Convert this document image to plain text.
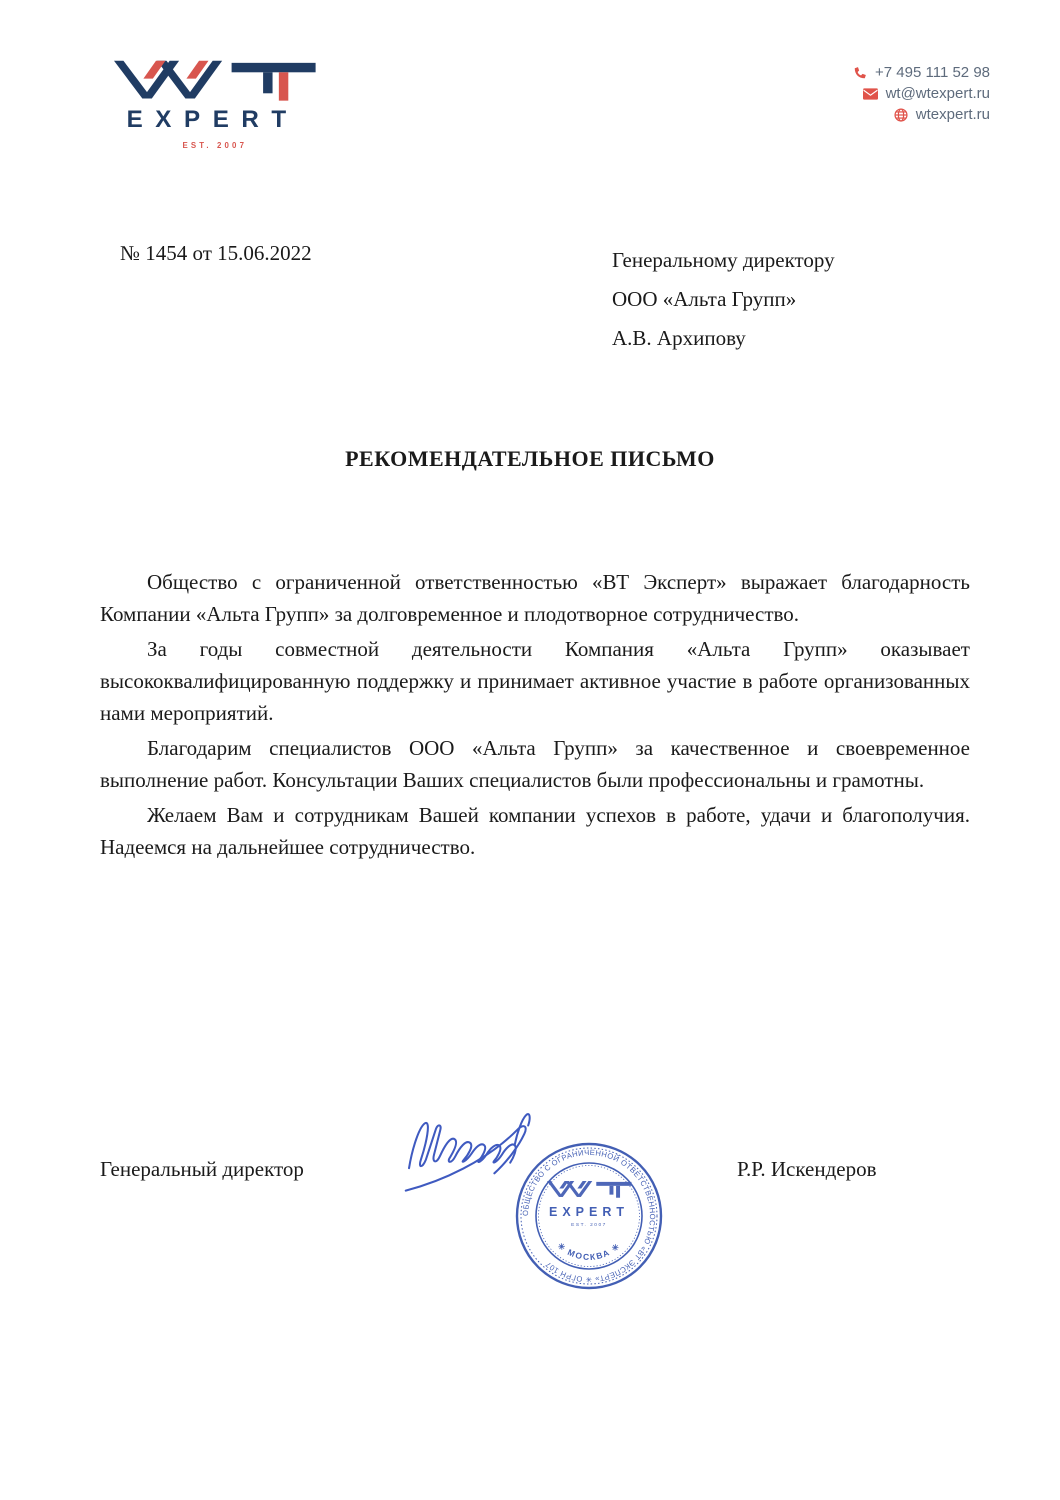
EXPERT
EST. 2007
+7 495 111 52 98
wt@wtexpert.ru
wtexpert.ru
№ 1454 от 15.06.2022	Генеральному директору
ООО «Альта Групп»
А.В. Архипову
РЕКОМЕНДАТЕЛЬНОЕ ПИСЬМО

Общество с ограниченной ответственностью «ВТ Эксперт» выражает благодарность Компании «Альта Групп» за долговременное и плодотворное сотрудничество.

За годы совместной деятельности Компания «Альта Групп» оказывает высококвалифицированную поддержку и принимает активное участие в работе организованных нами мероприятий.

Благодарим специалистов ООО «Альта Групп» за качественное и своевременное выполнение работ. Консультации Ваших специалистов были профессиональны и грамотны.

Желаем Вам и сотрудникам Вашей компании успехов в работе, удачи и благополучия. Надеемся на дальнейшее сотрудничество.

Генеральный директор	Р.Р. Искендеров
ОБЩЕСТВО С ОГРАНИЧЕННОЙ ОТВЕТСТВЕННОСТЬЮ «ВТ ЭКСПЕРТ» ✳ ОГРН 107
✳ МОСКВА ✳
EXPERT
EST. 2007
